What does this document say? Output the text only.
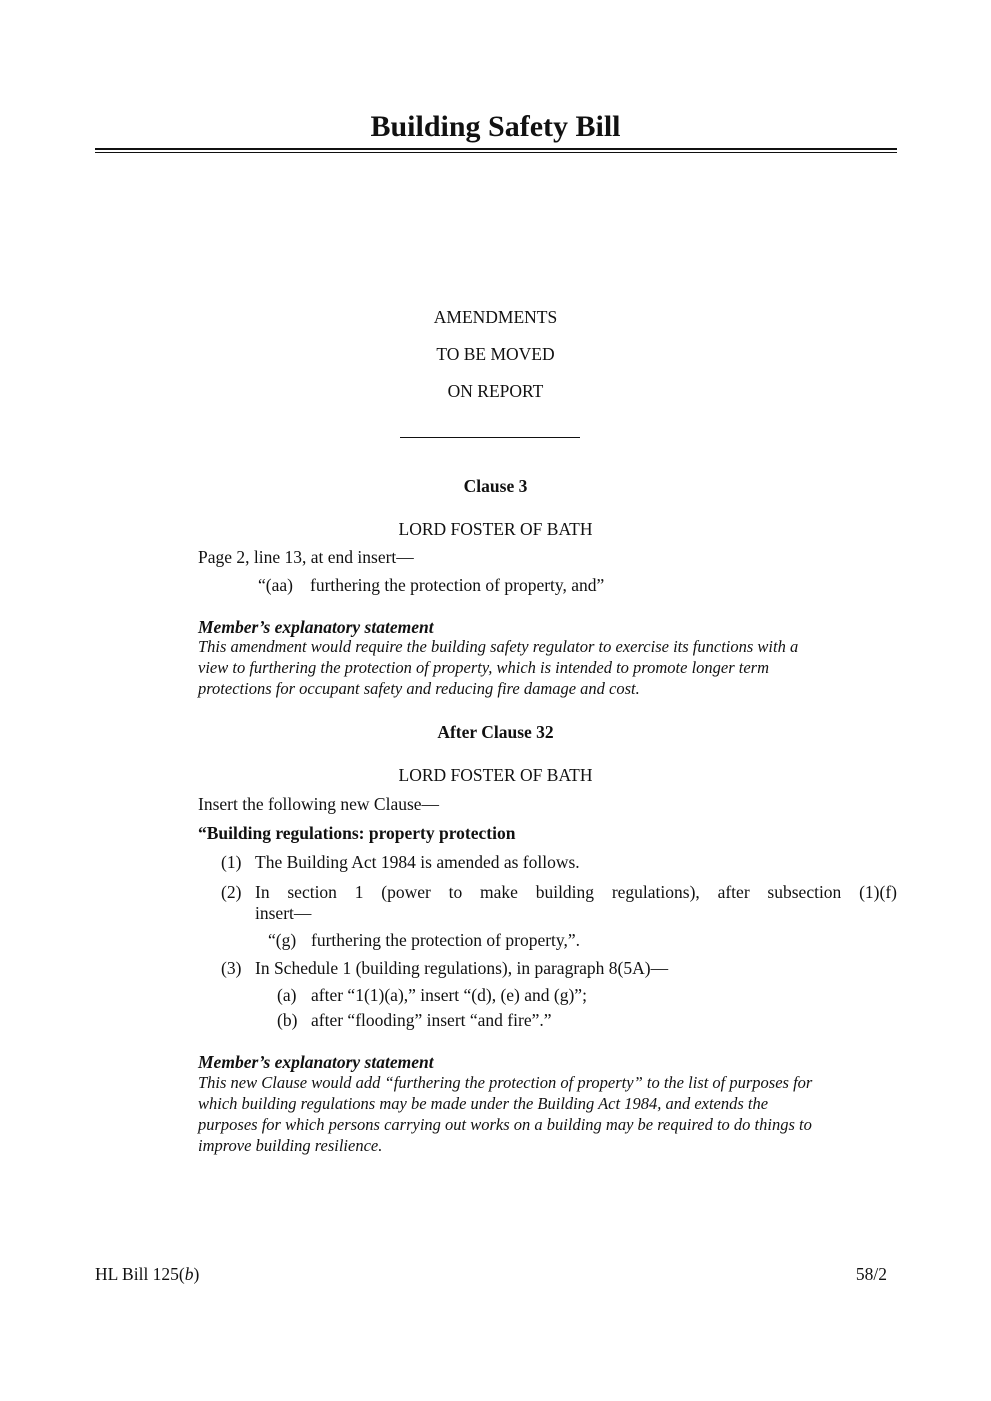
Building Safety Bill
AMENDMENTS
TO BE MOVED
ON REPORT
Clause 3
LORD FOSTER OF BATH
Page 2, line 13, at end insert—
“(aa) furthering the protection of property, and”
Member’s explanatory statement
This amendment would require the building safety regulator to exercise its functions with a
view to furthering the protection of property, which is intended to promote longer term
protections for occupant safety and reducing fire damage and cost.
After Clause 32
LORD FOSTER OF BATH
Insert the following new Clause—
“Building regulations: property protection
(1) The Building Act 1984 is amended as follows.
(2) In section 1 (power to make building regulations), after subsection (1)(f)
insert—
“(g) furthering the protection of property,”.
(3) In Schedule 1 (building regulations), in paragraph 8(5A)—
(a) after “1(1)(a),” insert “(d), (e) and (g)”;
(b) after “flooding” insert “and fire”.”
Member’s explanatory statement
This new Clause would add “furthering the protection of property” to the list of purposes for
which building regulations may be made under the Building Act 1984, and extends the
purposes for which persons carrying out works on a building may be required to do things to
improve building resilience.
HL Bill 125(b)	58/2
